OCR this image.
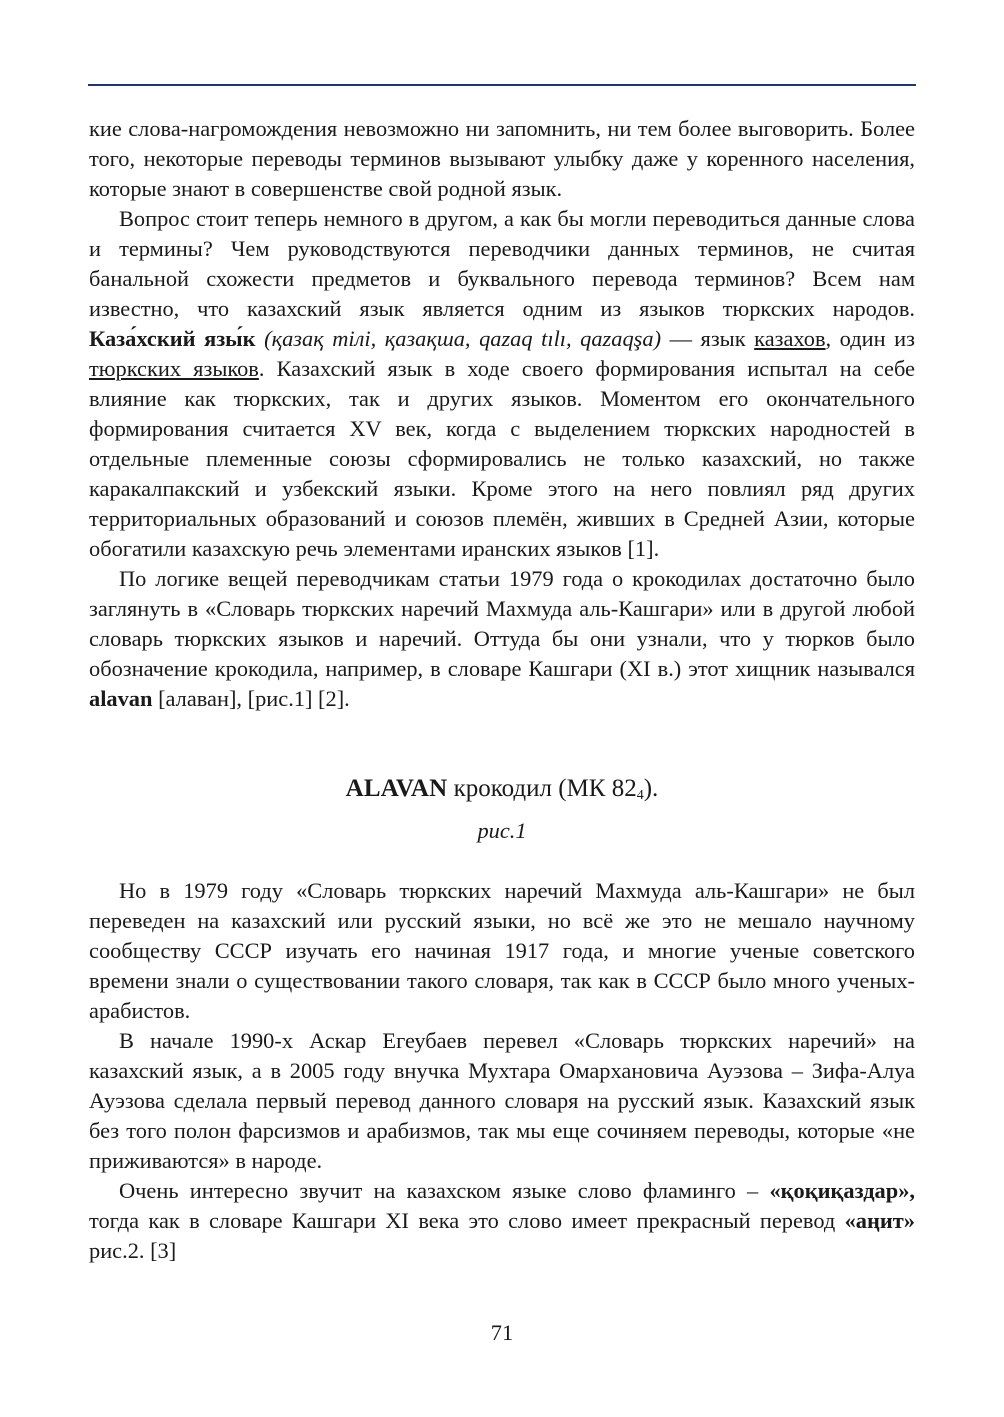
кие слова-нагромождения невозможно ни запомнить, ни тем более выговорить. Более того, некоторые переводы терминов вызывают улыбку даже у коренного населения, которые знают в совершенстве свой родной язык.

Вопрос стоит теперь немного в другом, а как бы могли переводиться данные слова и термины? Чем руководствуются переводчики данных терминов, не считая банальной схожести предметов и буквального перевода терминов? Всем нам известно, что казахский язык является одним из языков тюркских народов. Каза́хский язы́к (қазақ тілі, қазақша, qazaq tılı, qazaqşa) — язык казахов, один из тюркских языков. Казахский язык в ходе своего формирования испытал на себе влияние как тюркских, так и других языков. Моментом его окончательного формирования считается XV век, когда с выделением тюркских народностей в отдельные племенные союзы сформировались не только казахский, но также каракалпакский и узбекский языки. Кроме этого на него повлиял ряд других территориальных образований и союзов племён, живших в Средней Азии, которые обогатили казахскую речь элементами иранских языков [1].

По логике вещей переводчикам статьи 1979 года о крокодилах достаточно было заглянуть в «Словарь тюркских наречий Махмуда аль-Кашгари» или в другой любой словарь тюркских языков и наречий. Оттуда бы они узнали, что у тюрков было обозначение крокодила, например, в словаре Кашгари (XI в.) этот хищник назывался alavan [алаван], [рис.1] [2].

ALAVAN крокодил (МК $82_4$).
рис.1

Но в 1979 году «Словарь тюркских наречий Махмуда аль-Кашгари» не был переведен на казахский или русский языки, но всё же это не мешало научному сообществу СССР изучать его начиная 1917 года, и многие ученые советского времени знали о существовании такого словаря, так как в СССР было много ученых-арабистов.

В начале 1990-х Аскар Егеубаев перевел «Словарь тюркских наречий» на казахский язык, а в 2005 году внучка Мухтара Омархановича Ауэзова – Зифа-Алуа Ауэзова сделала первый перевод данного словаря на русский язык. Казахский язык без того полон фарсизмов и арабизмов, так мы еще сочиняем переводы, которые «не приживаются» в народе.

Очень интересно звучит на казахском языке слово фламинго – «қоқиқаздар», тогда как в словаре Кашгари XI века это слово имеет прекрасный перевод «аңит» рис.2. [3]

71
